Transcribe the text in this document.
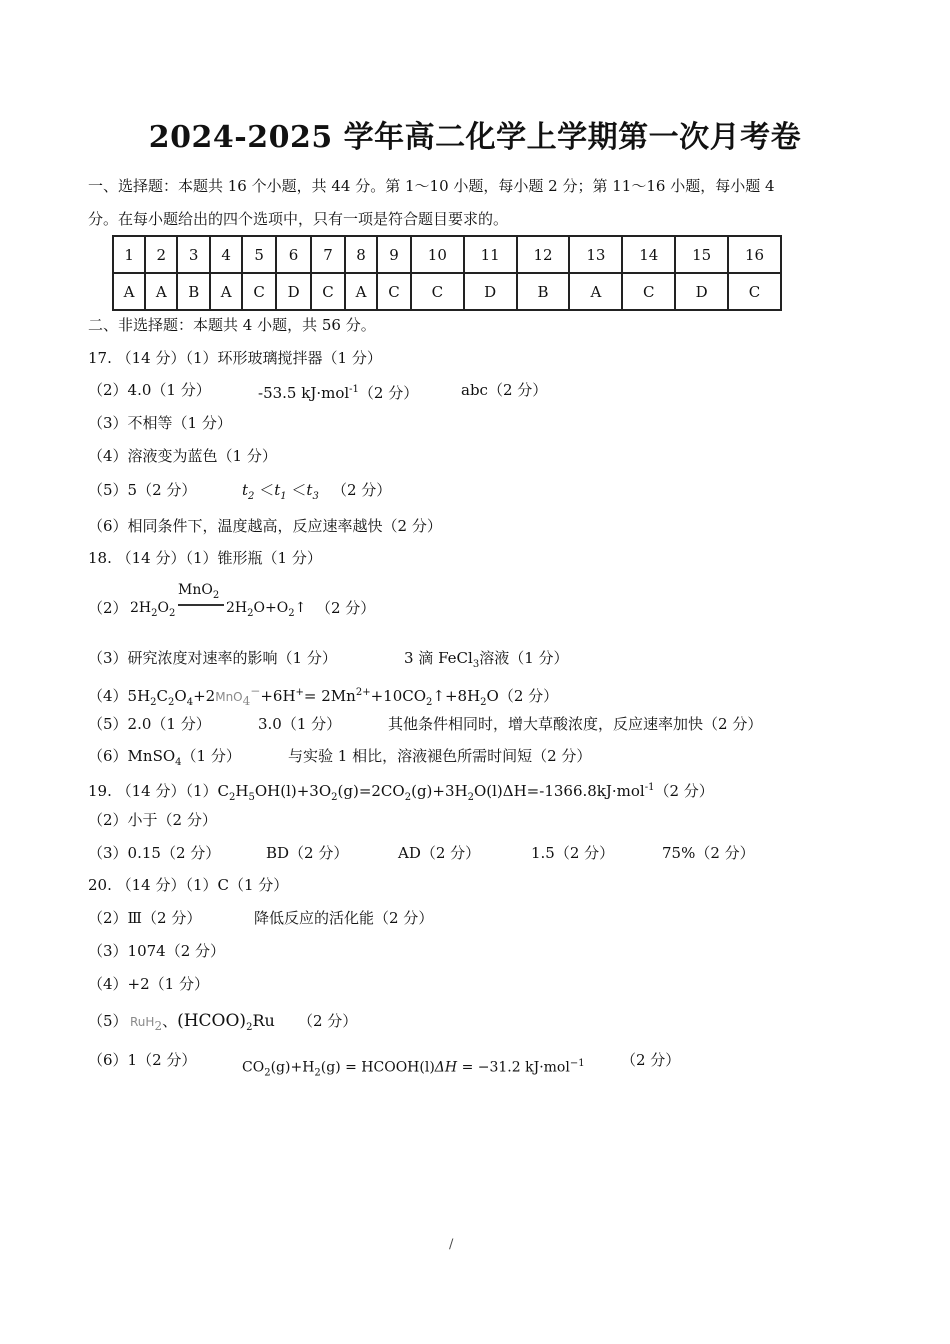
2024-2025 学年高二化学上学期第一次月考卷

一、选择题：本题共 16 个小题，共 44 分。第 1～10 小题，每小题 2 分；第 11～16 小题，每小题 4

分。在每小题给出的四个选项中，只有一项是符合题目要求的。

1	2	3	4	5	6	7	8	9	10	11	12	13	14	15	16
A	A	B	A	C	D	C	A	C	C	D	B	A	C	D	C
二、非选择题：本题共 4 小题，共 56 分。
17. （14 分）（1）环形玻璃搅拌器（1 分）
（2）4.0（1 分）	-53.5 kJ·mol$^{-1}$（2 分）	abc（2 分）
（3）不相等（1 分）
（4）溶液变为蓝色（1 分）
（5）5（2 分）	$t_2 <t_1 <t_3$ （2 分）
（6）相同条件下，温度越高，反应速率越快（2 分）
18. （14 分）（1）锥形瓶（1 分）
（2） $2H_2O_2$
MnO$_2$
$2H_2O+O_2↑$ （2 分）
（3）研究浓度对速率的影响（1 分）	3 滴 FeCl$_3$溶液（1 分）
$(4)5H_2C_2O_4+2MnO_4^-+6H^+=$ $2Mn^{2+}+10CO_2↑+8H_2O(2$ 分）
（5）2.0（1 分）	3.0（1 分）	其他条件相同时，增大草酸浓度，反应速率加快（2 分）
（6）MnSO$_4$（1 分）	与实验 1 相比，溶液褪色所需时间短（2 分）
19. （14 分）$(1)C_2H_5OH(l)+3O_2(g)=2CO_2(g)+3H_2O(l)\Delta H=-1366.8kJ\cdot mol^{-1}(2$ 分）
（2）小于（2 分）
（3）0.15（2 分）	BD（2 分）	AD（2 分）	1.5（2 分）	75%（2 分）
20. （14 分）（1）C（1 分）
（2）Ⅲ（2 分）	降低反应的活化能（2 分）
（3）1074（2 分）
（4）+2（1 分）
（5） RuH$_2$、$(HCOO)_2Ru$ （2 分）
（6）1（2 分）	$CO_2(g)+H_2(g)$ = HCOOH(l)ΔH = −31.2 kJ·mol$^{-1}$ （2 分）
/
